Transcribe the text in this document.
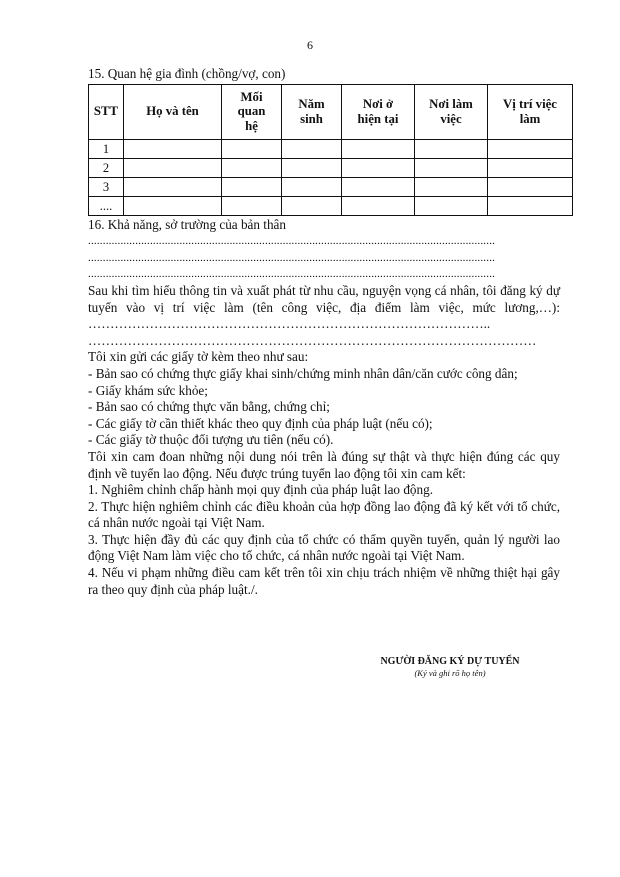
6

15. Quan hệ gia đình (chồng/vợ, con)

STT	Họ và tên	Mối quan hệ	Năm sinh	Nơi ở hiện tại	Nơi làm việc	Vị trí việc làm
1						
2						
3						
....						

16. Khả năng, sở trường của bản thân

..........................................................................................................................................

..........................................................................................................................................

..........................................................................................................................................

Sau khi tìm hiểu thông tin và xuất phát từ nhu cầu, nguyện vọng cá nhân, tôi đăng ký dự tuyển vào vị trí việc làm (tên công việc, địa điểm làm việc, mức lương,…): ………………………………………………………………………………..

…………………………………………………………………………………………

Tôi xin gửi các giấy tờ kèm theo như sau:

- Bản sao có chứng thực giấy khai sinh/chứng minh nhân dân/căn cước công dân;

- Giấy khám sức khỏe;

- Bản sao có chứng thực văn bằng, chứng chỉ;

- Các giấy tờ cần thiết khác theo quy định của pháp luật (nếu có);

- Các giấy tờ thuộc đối tượng ưu tiên (nếu có).

Tôi xin cam đoan những nội dung nói trên là đúng sự thật và thực hiện đúng các quy định về tuyển lao động. Nếu được trúng tuyển lao động tôi xin cam kết:

1. Nghiêm chỉnh chấp hành mọi quy định của pháp luật lao động.

2. Thực hiện nghiêm chỉnh các điều khoản của hợp đồng lao động đã ký kết với tổ chức, cá nhân nước ngoài tại Việt Nam.

3. Thực hiện đầy đủ các quy định của tổ chức có thẩm quyền tuyển, quản lý người lao động Việt Nam làm việc cho tổ chức, cá nhân nước ngoài tại Việt Nam.

4. Nếu vi phạm những điều cam kết trên tôi xin chịu trách nhiệm về những thiệt hại gây ra theo quy định của pháp luật./.

NGƯỜI ĐĂNG KÝ DỰ TUYỂN
(Ký và ghi rõ họ tên)
